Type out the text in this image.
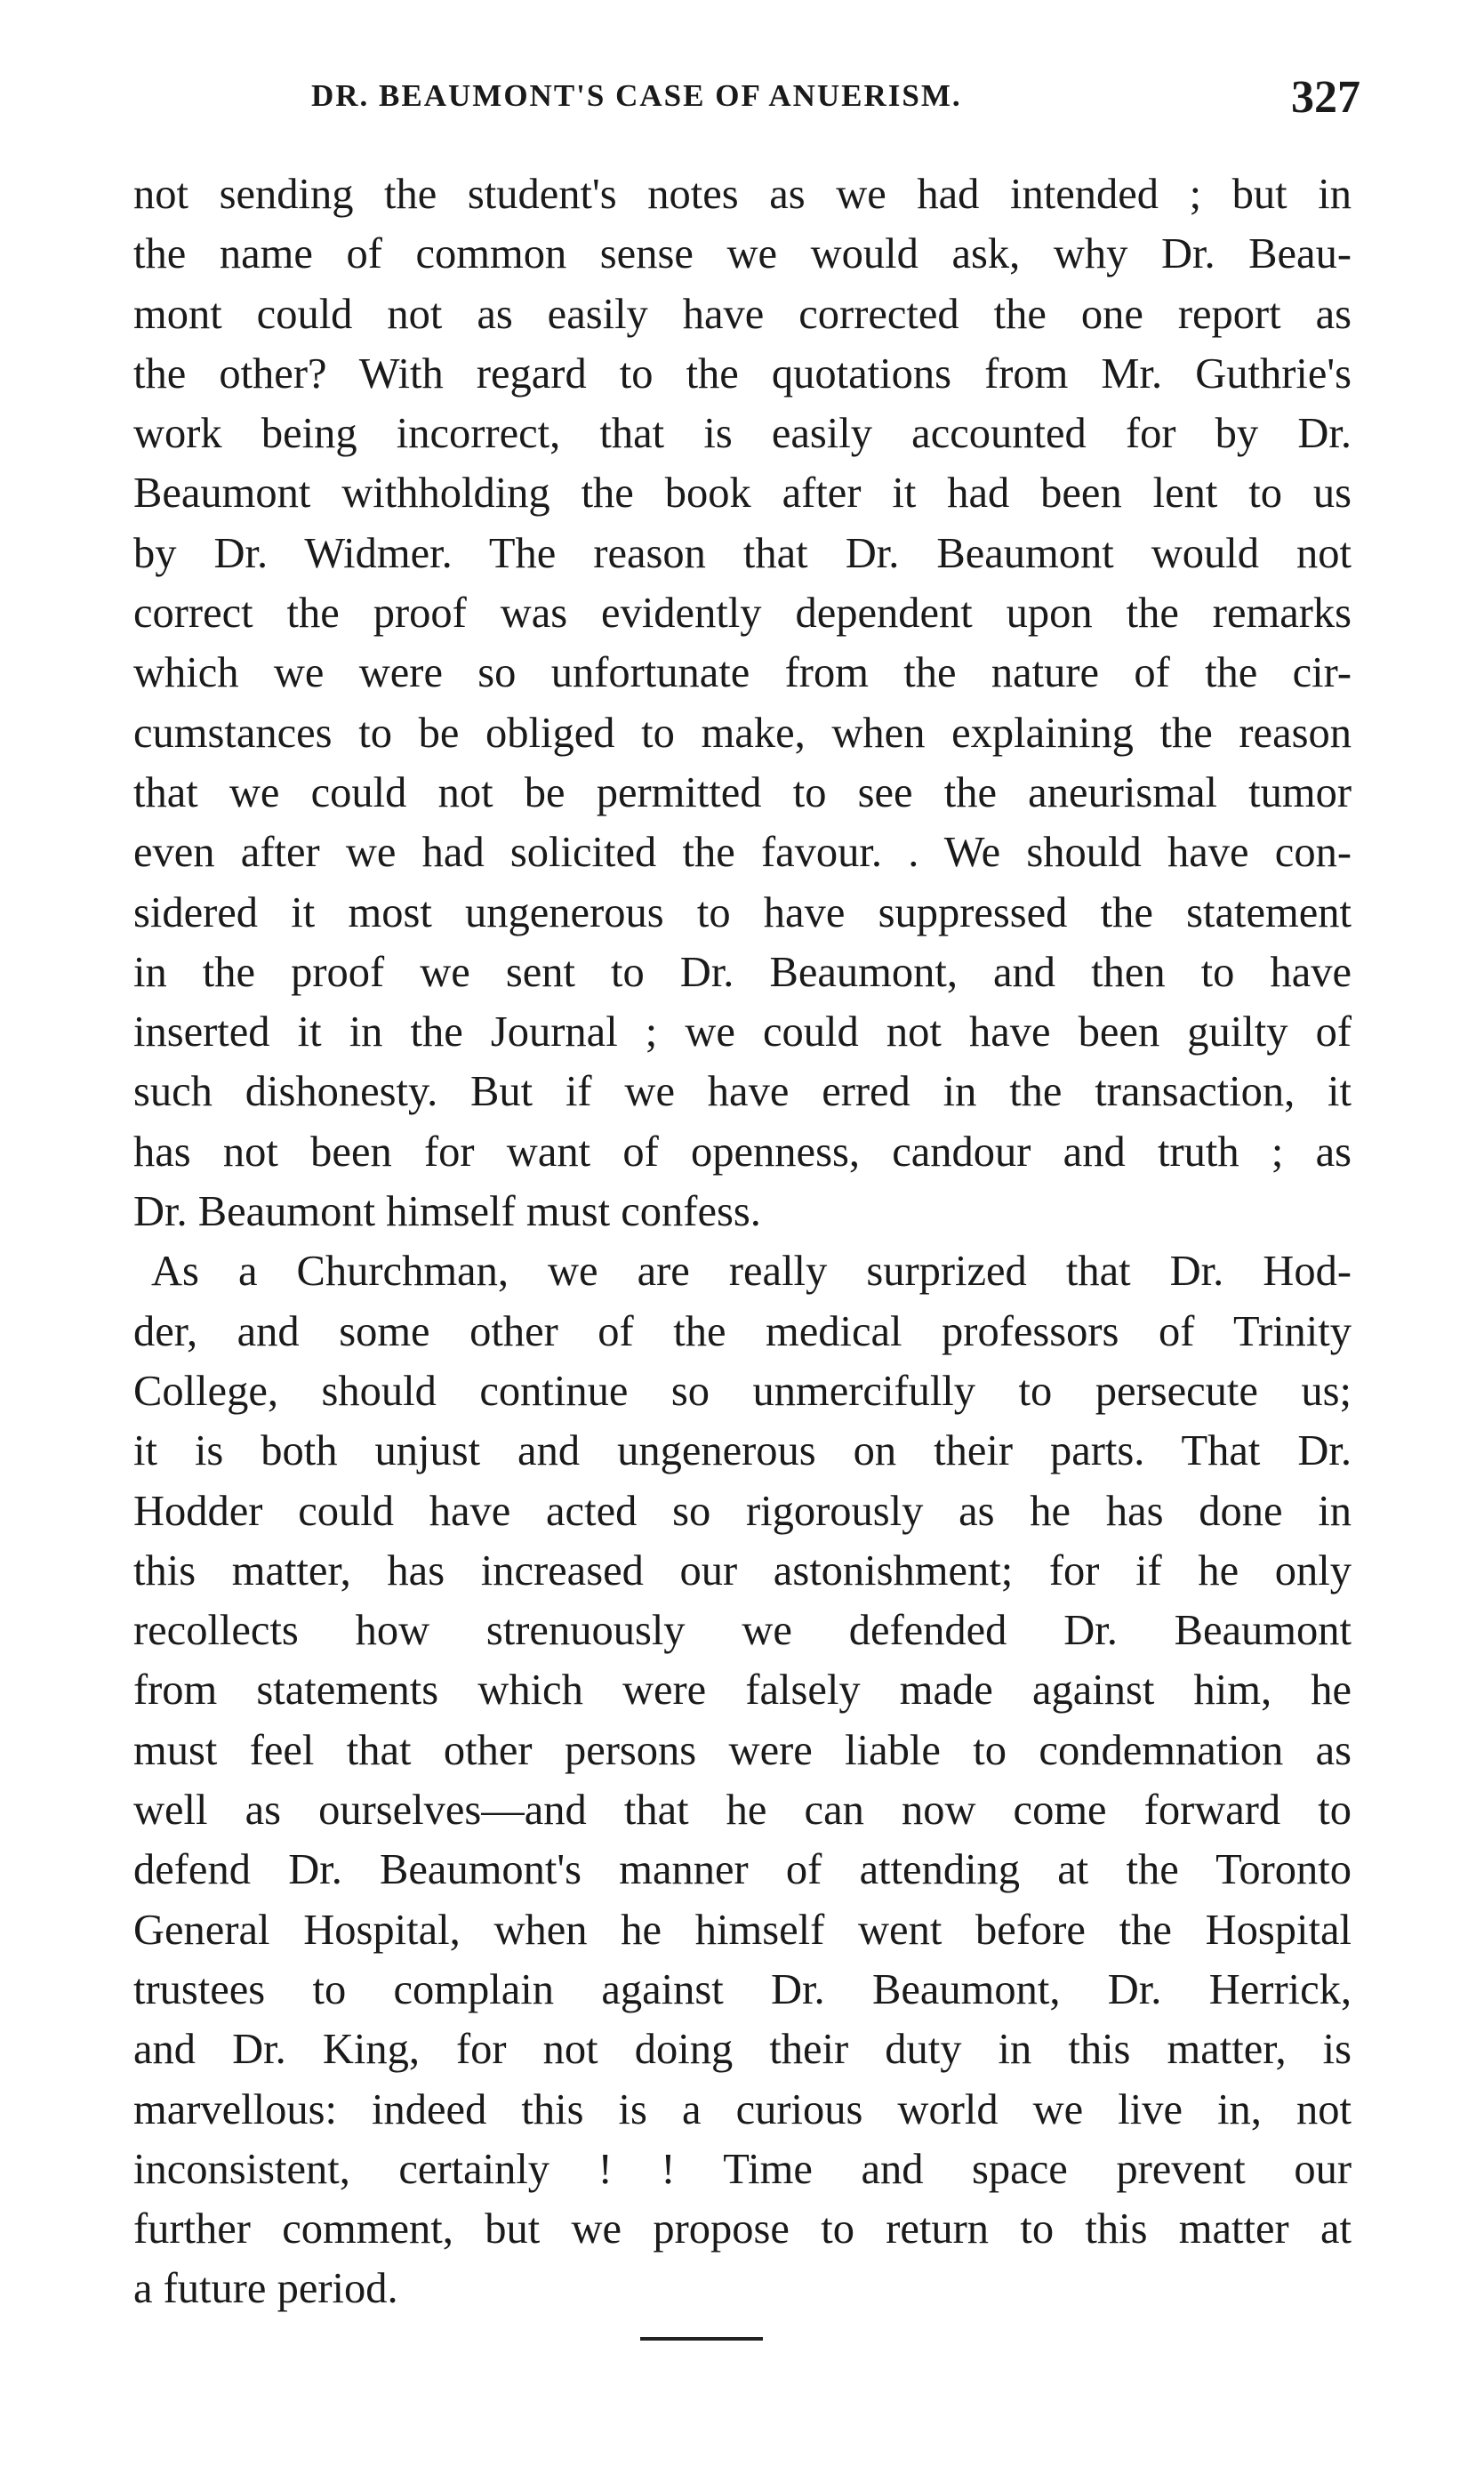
DR. BEAUMONT'S CASE OF ANUERISM.	327
not sending the student's notes as we had intended ; but in
the name of common sense we would ask, why Dr. Beau-
mont could not as easily have corrected the one report as
the other? With regard to the quotations from Mr. Guthrie's
work being incorrect, that is easily accounted for by Dr.
Beaumont withholding the book after it had been lent to us
by Dr. Widmer. The reason that Dr. Beaumont would not
correct the proof was evidently dependent upon the remarks
which we were so unfortunate from the nature of the cir-
cumstances to be obliged to make, when explaining the reason
that we could not be permitted to see the aneurismal tumor
even after we had solicited the favour. . We should have con-
sidered it most ungenerous to have suppressed the statement
in the proof we sent to Dr. Beaumont, and then to have
inserted it in the Journal ; we could not have been guilty of
such dishonesty. But if we have erred in the transaction, it
has not been for want of openness, candour and truth ; as
Dr. Beaumont himself must confess.
As a Churchman, we are really surprized that Dr. Hod-
der, and some other of the medical professors of Trinity
College, should continue so unmercifully to persecute us;
it is both unjust and ungenerous on their parts. That Dr.
Hodder could have acted so rigorously as he has done in
this matter, has increased our astonishment; for if he only
recollects how strenuously we defended Dr. Beaumont
from statements which were falsely made against him, he
must feel that other persons were liable to condemnation as
well as ourselves—and that he can now come forward to
defend Dr. Beaumont's manner of attending at the Toronto
General Hospital, when he himself went before the Hospital
trustees to complain against Dr. Beaumont, Dr. Herrick,
and Dr. King, for not doing their duty in this matter, is
marvellous: indeed this is a curious world we live in, not
inconsistent, certainly ! ! Time and space prevent our
further comment, but we propose to return to this matter at
a future period.
